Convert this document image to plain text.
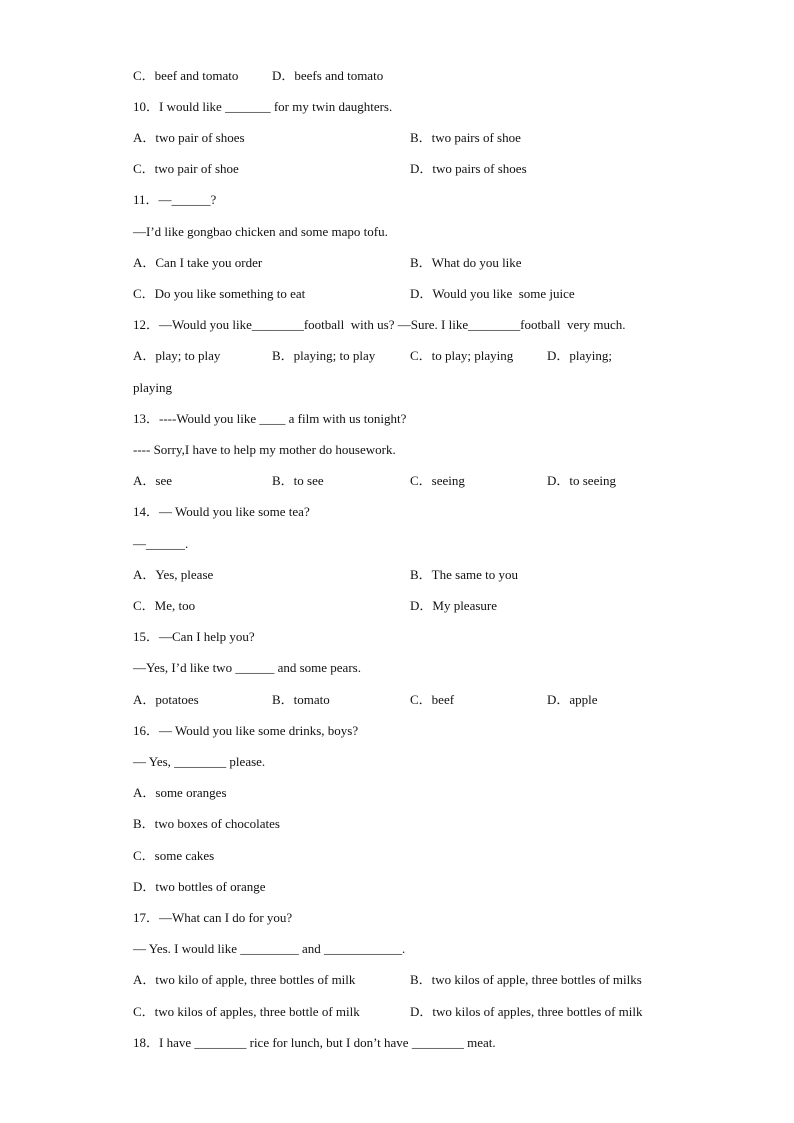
C．beef and tomato	D．beefs and tomato
10．I would like _______ for my twin daughters.
A．two pair of shoes	B．two pairs of shoe
C．two pair of shoe	D．two pairs of shoes
11．—______?
—I’d like gongbao chicken and some mapo tofu.
A．Can I take you order	B．What do you like
C．Do you like something to eat	D．Would you like  some juice
12．—Would you like________football  with us? —Sure. I like________football  very much.
A．play; to play	B．playing; to play	C．to play; playing	D．playing;
playing
13．----Would you like ____ a film with us tonight?
---- Sorry,I have to help my mother do housework.
A．see	B．to see	C．seeing	D．to seeing
14．— Would you like some tea?
—______.
A．Yes, please	B．The same to you
C．Me, too	D．My pleasure
15．—Can I help you?
—Yes, I’d like two ______ and some pears.
A．potatoes	B．tomato	C．beef	D．apple
16．— Would you like some drinks, boys?
— Yes, ________ please.
A．some oranges
B．two boxes of chocolates
C．some cakes
D．two bottles of orange
17．—What can I do for you?
— Yes. I would like _________ and ____________.
A．two kilo of apple, three bottles of milk	B．two kilos of apple, three bottles of milks
C．two kilos of apples, three bottle of milk	D．two kilos of apples, three bottles of milk
18．I have ________ rice for lunch, but I don’t have ________ meat.
